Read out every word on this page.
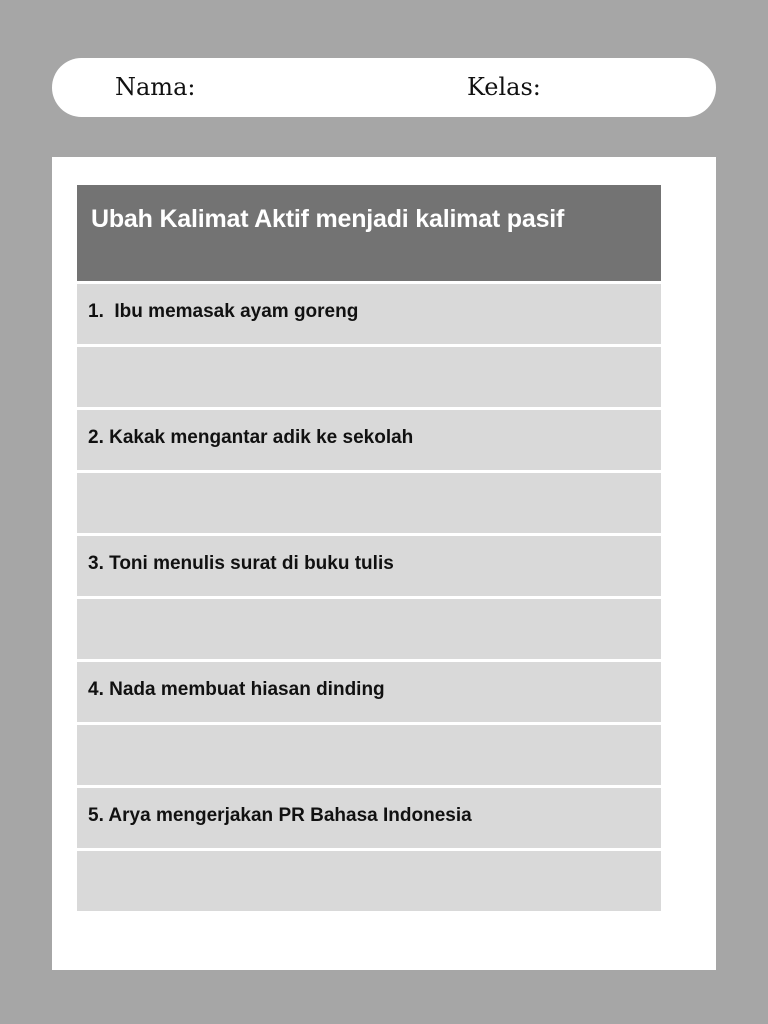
Nama:	Kelas:
Ubah Kalimat Aktif menjadi kalimat pasif
1.  Ibu memasak ayam goreng
2. Kakak mengantar adik ke sekolah
3. Toni menulis surat di buku tulis
4. Nada membuat hiasan dinding
5. Arya mengerjakan PR Bahasa Indonesia
